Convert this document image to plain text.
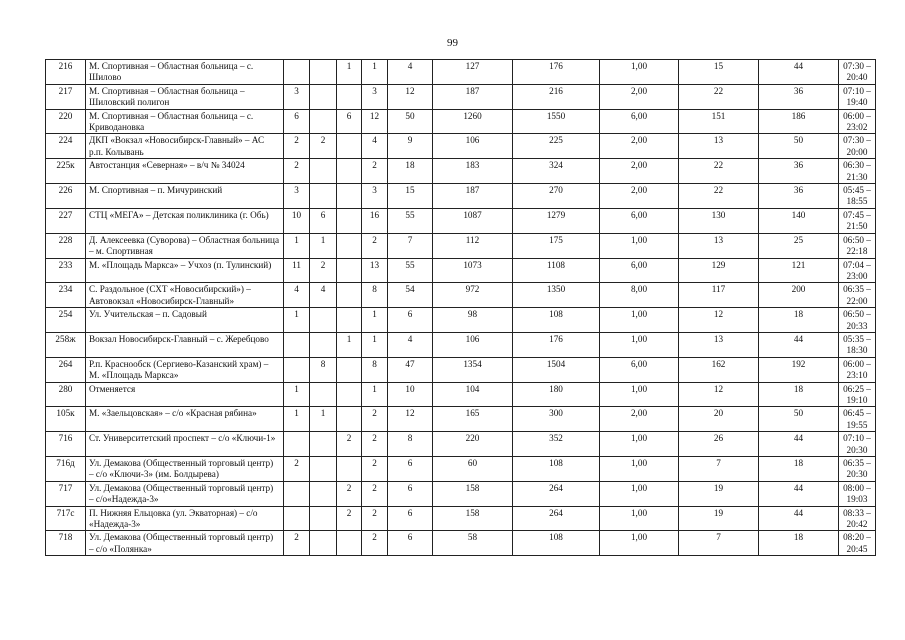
99
216	М. Спортивная – Областная больница – с. Шилово			1	1	4	127	176	1,00	15	44	07:30 – 20:40
217	М. Спортивная – Областная больница – Шиловский полигон	3			3	12	187	216	2,00	22	36	07:10 – 19:40
220	М. Спортивная – Областная больница – с. Криводановка	6		6	12	50	1260	1550	6,00	151	186	06:00 – 23:02
224	ДКП «Вокзал «Новосибирск-Главный» – АС р.п. Колывань	2	2		4	9	106	225	2,00	13	50	07:30 – 20:00
225к	Автостанция «Северная» – в/ч № 34024	2			2	18	183	324	2,00	22	36	06:30 – 21:30
226	М. Спортивная – п. Мичуринский	3			3	15	187	270	2,00	22	36	05:45 – 18:55
227	СТЦ «МЕГА» – Детская поликлиника (г. Обь)	10	6		16	55	1087	1279	6,00	130	140	07:45 – 21:50
228	Д. Алексеевка (Суворова) – Областная больница – м. Спортивная	1	1		2	7	112	175	1,00	13	25	06:50 – 22:18
233	М. «Площадь Маркса» – Учхоз (п. Тулинский)	11	2		13	55	1073	1108	6,00	129	121	07:04 – 23:00
234	С. Раздольное (СХТ «Новосибирский») – Автовокзал «Новосибирск-Главный»	4	4		8	54	972	1350	8,00	117	200	06:35 – 22:00
254	Ул. Учительская – п. Садовый	1			1	6	98	108	1,00	12	18	06:50 – 20:33
258ж	Вокзал Новосибирск-Главный – с. Жеребцово			1	1	4	106	176	1,00	13	44	05:35 – 18:30
264	Р.п. Краснообск (Сергиево-Казанский храм) – М. «Площадь Маркса»		8		8	47	1354	1504	6,00	162	192	06:00 – 23:10
280	Отменяется	1			1	10	104	180	1,00	12	18	06:25 – 19:10
105к	М. «Заельцовская» – с/о «Красная рябина»	1	1		2	12	165	300	2,00	20	50	06:45 – 19:55
716	Ст. Университетский проспект – с/о «Ключи-1»			2	2	8	220	352	1,00	26	44	07:10 – 20:30
716д	Ул. Демакова (Общественный торговый центр) – с/о «Ключи-3» (им. Болдырева)	2			2	6	60	108	1,00	7	18	06:35 – 20:30
717	Ул. Демакова (Общественный торговый центр) – с/о«Надежда-3»			2	2	6	158	264	1,00	19	44	08:00 – 19:03
717с	П. Нижняя Ельцовка (ул. Экваторная) – с/о «Надежда-3»			2	2	6	158	264	1,00	19	44	08:33 – 20:42
718	Ул. Демакова (Общественный торговый центр) – с/о «Полянка»	2			2	6	58	108	1,00	7	18	08:20 – 20:45
